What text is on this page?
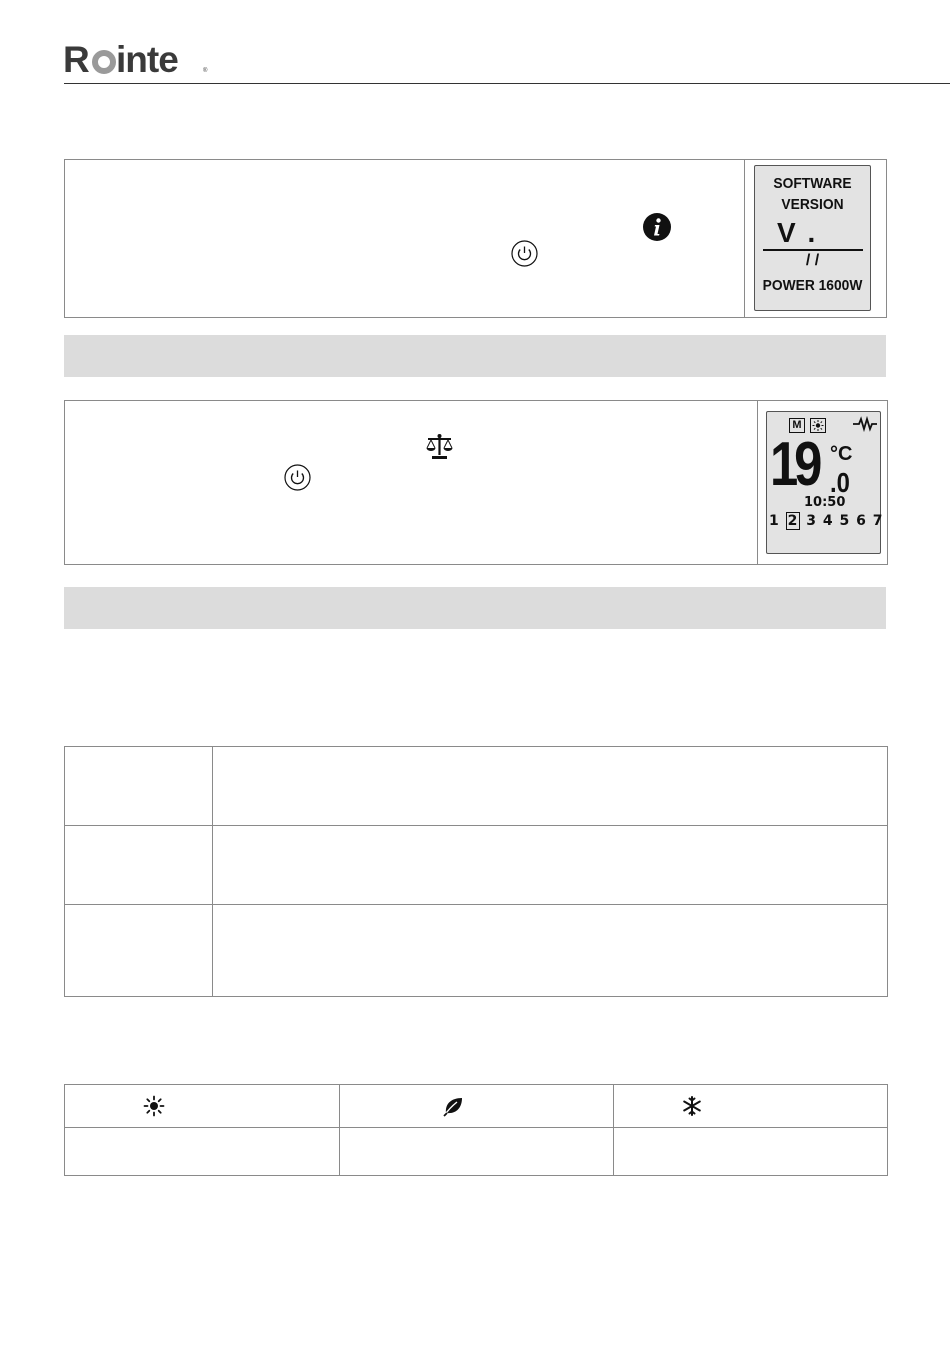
R inte	®
SOFTWARE
VERSION
V .
/ /
POWER 1600W
M
19 °C
.0
10:50
1 2 3 4 5 6 7
